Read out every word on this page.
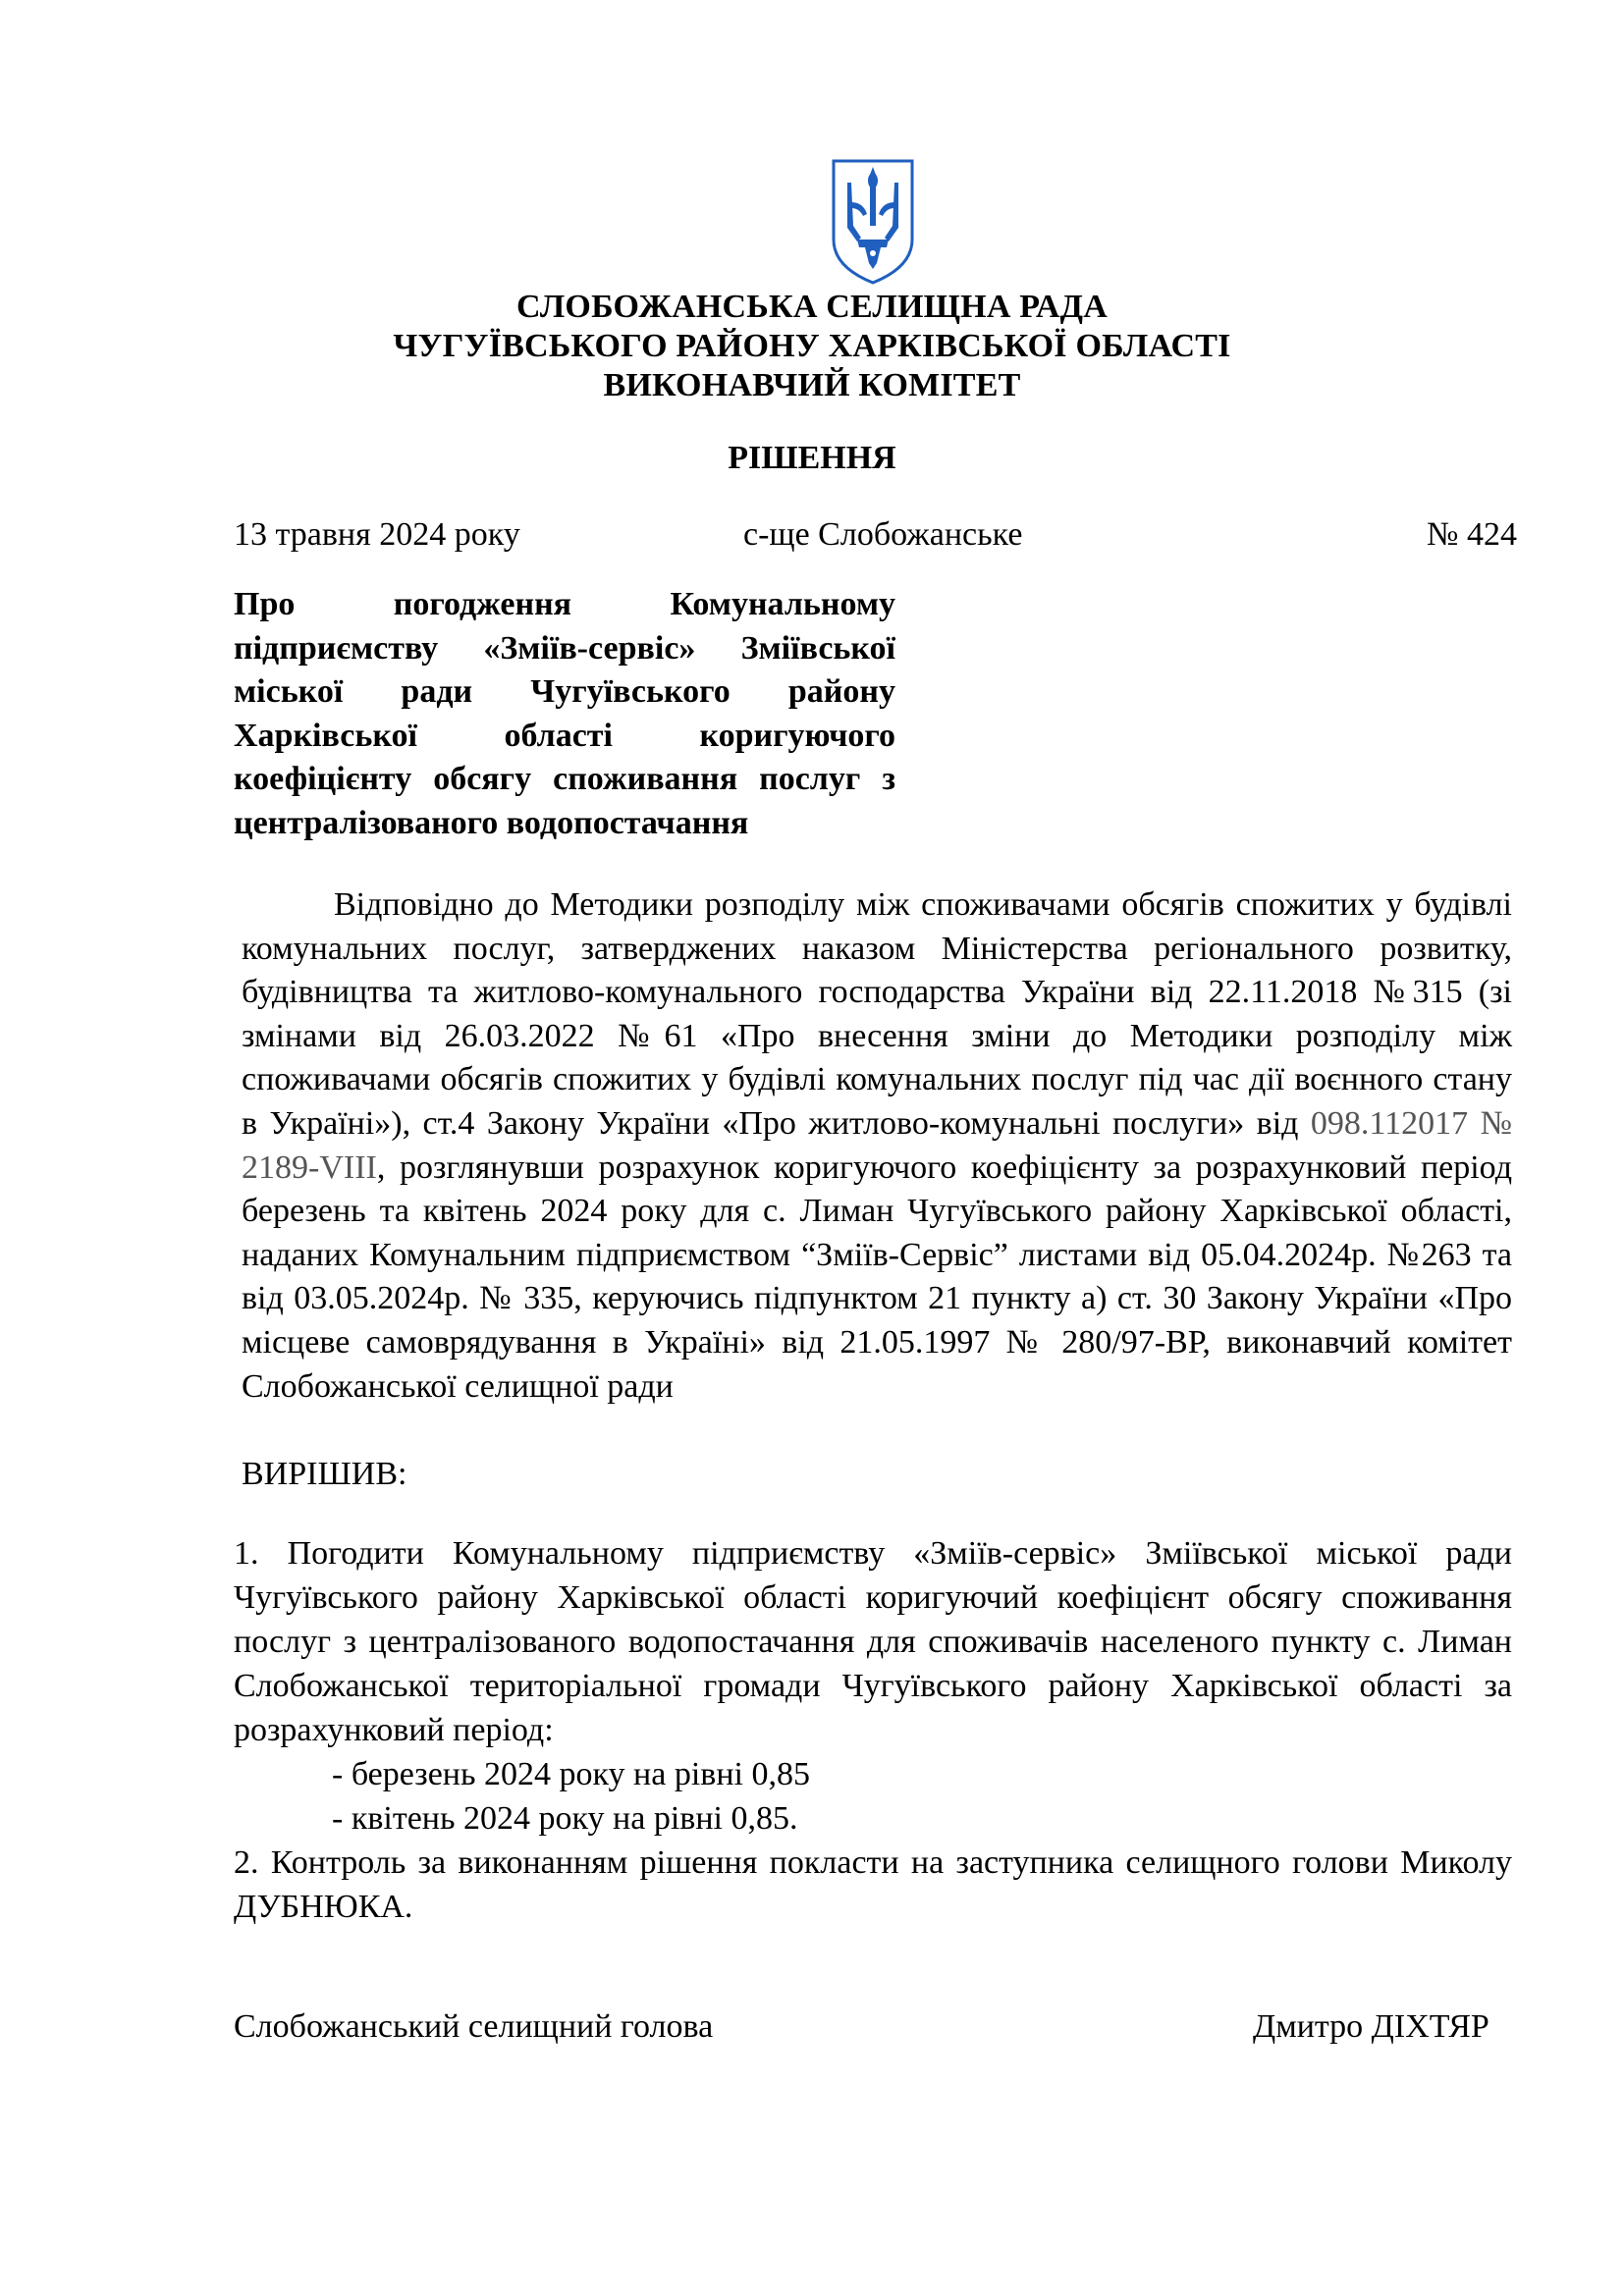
СЛОБОЖАНСЬКА СЕЛИЩНА РАДА
ЧУГУЇВСЬКОГО РАЙОНУ ХАРКІВСЬКОЇ ОБЛАСТІ
ВИКОНАВЧИЙ КОМІТЕТ
РІШЕННЯ
13 травня 2024 року	с-ще Слобожанське	№ 424
Про погодження Комунальному підприємству «Зміїв-сервіс» Зміївської міської ради Чугуївського району Харківської області коригуючого коефіцієнту обсягу споживання послуг з централізованого водопостачання

Відповідно до Методики розподілу між споживачами обсягів спожитих у будівлі комунальних послуг, затверджених наказом Міністерства регіонального розвитку, будівництва та житлово-комунального господарства України від 22.11.2018 №315 (зі змінами від 26.03.2022 №61 «Про внесення зміни до Методики розподілу між споживачами обсягів спожитих у будівлі комунальних послуг під час дії воєнного стану в Україні»), ст.4 Закону України «Про житлово-комунальні послуги» від 098.112017 № 2189-VIII, розглянувши розрахунок коригуючого коефіцієнту за розрахунковий період березень та квітень 2024 року для с. Лиман Чугуївського району Харківської області, наданих Комунальним підприємством “Зміїв-Сервіс” листами від 05.04.2024р. №263 та від 03.05.2024р. № 335, керуючись підпунктом 21 пункту а) ст. 30 Закону України «Про місцеве самоврядування в Україні» від 21.05.1997 № 280/97-ВР, виконавчий комітет Слобожанської селищної ради

ВИРІШИВ:

1. Погодити Комунальному підприємству «Зміїв-сервіс» Зміївської міської ради Чугуївського району Харківської області коригуючий коефіцієнт обсягу споживання послуг з централізованого водопостачання для споживачів населеного пункту с. Лиман Слобожанської територіальної громади Чугуївського району Харківської області за розрахунковий період:

- березень 2024 року на рівні 0,85

- квітень 2024 року на рівні 0,85.

2. Контроль за виконанням рішення покласти на заступника селищного голови Миколу ДУБНЮКА.

Слобожанський селищний голова	Дмитро ДІХТЯР
